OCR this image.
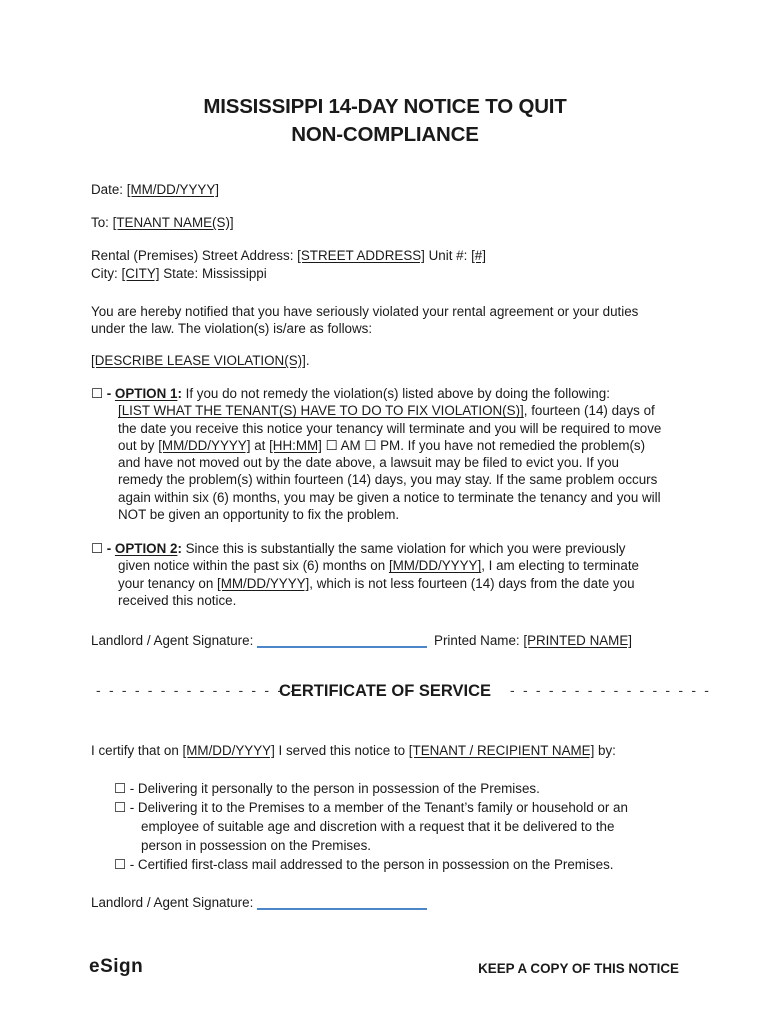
MISSISSIPPI 14-DAY NOTICE TO QUIT
NON-COMPLIANCE
Date: [MM/DD/YYYY]
To: [TENANT NAME(S)]
Rental (Premises) Street Address: [STREET ADDRESS] Unit #: [#]
City: [CITY] State: Mississippi
You are hereby notified that you have seriously violated your rental agreement or your duties
under the law. The violation(s) is/are as follows:
[DESCRIBE LEASE VIOLATION(S)].
☐ - OPTION 1: If you do not remedy the violation(s) listed above by doing the following:
[LIST WHAT THE TENANT(S) HAVE TO DO TO FIX VIOLATION(S)], fourteen (14) days of
the date you receive this notice your tenancy will terminate and you will be required to move
out by [MM/DD/YYYY] at [HH:MM] ☐ AM ☐ PM. If you have not remedied the problem(s)
and have not moved out by the date above, a lawsuit may be filed to evict you. If you
remedy the problem(s) within fourteen (14) days, you may stay. If the same problem occurs
again within six (6) months, you may be given a notice to terminate the tenancy and you will
NOT be given an opportunity to fix the problem.
☐ - OPTION 2: Since this is substantially the same violation for which you were previously
given notice within the past six (6) months on [MM/DD/YYYY], I am electing to terminate
your tenancy on [MM/DD/YYYY], which is not less fourteen (14) days from the date you
received this notice.
Landlord / Agent Signature:	Printed Name: [PRINTED NAME]
- - - - - - - - - - - - - - - -
CERTIFICATE OF SERVICE	- - - - - - - - - - - - - - - -
I certify that on [MM/DD/YYYY] I served this notice to [TENANT / RECIPIENT NAME] by:
☐ - Delivering it personally to the person in possession of the Premises.
☐ - Delivering it to the Premises to a member of the Tenant’s family or household or an
employee of suitable age and discretion with a request that it be delivered to the
person in possession on the Premises.
☐ - Certified first-class mail addressed to the person in possession on the Premises.
Landlord / Agent Signature:
eSign	KEEP A COPY OF THIS NOTICE
